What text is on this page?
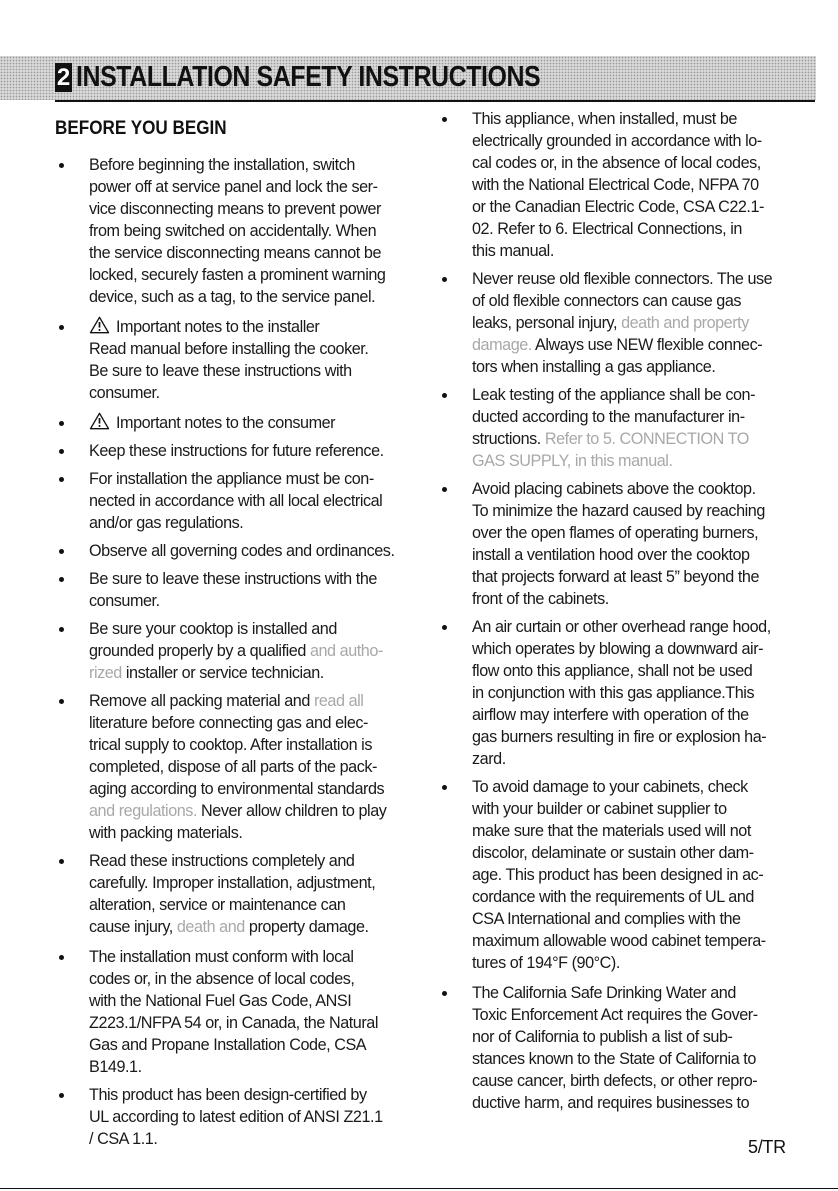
2 INSTALLATION SAFETY INSTRUCTIONS
BEFORE YOU BEGIN
Before beginning the installation, switch
power off at service panel and lock the ser-
vice disconnecting means to prevent power
from being switched on accidentally. When
the service disconnecting means cannot be
locked, securely fasten a prominent warning
device, such as a tag, to the service panel.
Important notes to the installer
Read manual before installing the cooker.
Be sure to leave these instructions with
consumer.
Important notes to the consumer
Keep these instructions for future reference.
For installation the appliance must be con-
nected in accordance with all local electrical
and/or gas regulations.
Observe all governing codes and ordinances.
Be sure to leave these instructions with the
consumer.
Be sure your cooktop is installed and
grounded properly by a qualified and autho-
rized installer or service technician.
Remove all packing material and read all
literature before connecting gas and elec-
trical supply to cooktop. After installation is
completed, dispose of all parts of the pack-
aging according to environmental standards
and regulations. Never allow children to play
with packing materials.
Read these instructions completely and
carefully. Improper installation, adjustment,
alteration, service or maintenance can
cause injury, death and property damage.
The installation must conform with local
codes or, in the absence of local codes,
with the National Fuel Gas Code, ANSI
Z223.1/NFPA 54 or, in Canada, the Natural
Gas and Propane Installation Code, CSA
B149.1.
This product has been design-certified by
UL according to latest edition of ANSI Z21.1
/ CSA 1.1.
This appliance, when installed, must be
electrically grounded in accordance with lo-
cal codes or, in the absence of local codes,
with the National Electrical Code, NFPA 70
or the Canadian Electric Code, CSA C22.1-
02. Refer to 6. Electrical Connections, in
this manual.
Never reuse old flexible connectors. The use
of old flexible connectors can cause gas
leaks, personal injury, death and property
damage. Always use NEW flexible connec-
tors when installing a gas appliance.
Leak testing of the appliance shall be con-
ducted according to the manufacturer in-
structions. Refer to 5. CONNECTION TO
GAS SUPPLY, in this manual.
Avoid placing cabinets above the cooktop.
To minimize the hazard caused by reaching
over the open flames of operating burners,
install a ventilation hood over the cooktop
that projects forward at least 5” beyond the
front of the cabinets.
An air curtain or other overhead range hood,
which operates by blowing a downward air-
flow onto this appliance, shall not be used
in conjunction with this gas appliance.This
airflow may interfere with operation of the
gas burners resulting in fire or explosion ha-
zard.
To avoid damage to your cabinets, check
with your builder or cabinet supplier to
make sure that the materials used will not
discolor, delaminate or sustain other dam-
age. This product has been designed in ac-
cordance with the requirements of UL and
CSA International and complies with the
maximum allowable wood cabinet tempera-
tures of 194°F (90°C).
The California Safe Drinking Water and
Toxic Enforcement Act requires the Gover-
nor of California to publish a list of sub-
stances known to the State of California to
cause cancer, birth defects, or other repro-
ductive harm, and requires businesses to
5/TR
